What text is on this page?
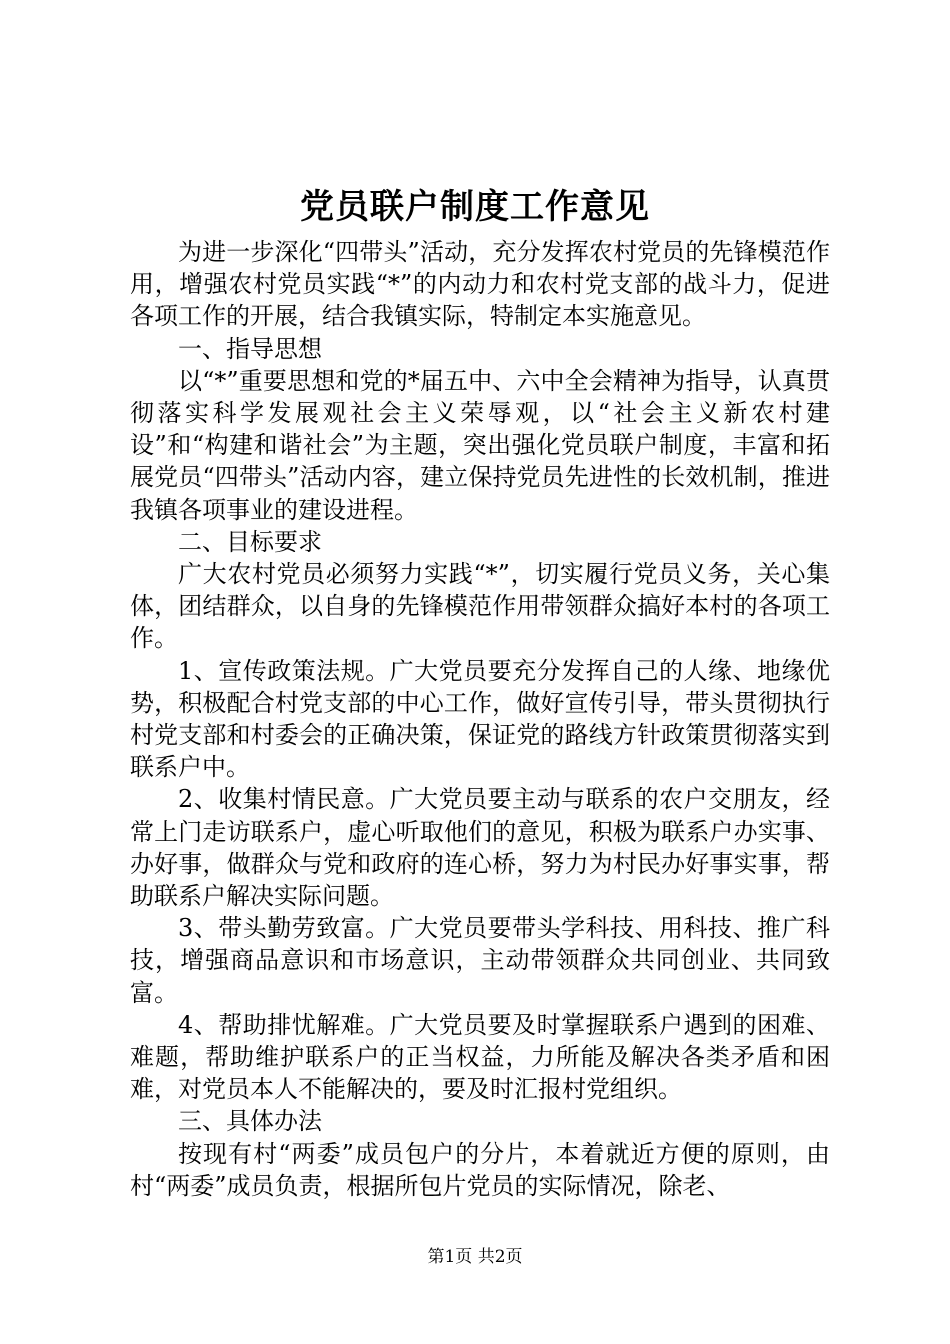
党员联户制度工作意见

为进一步深化“四带头”活动，充分发挥农村党员的先锋模范作用，增强农村党员实践“*”的内动力和农村党支部的战斗力，促进各项工作的开展，结合我镇实际，特制定本实施意见。

一、指导思想

以“*”重要思想和党的*届五中、六中全会精神为指导，认真贯彻落实科学发展观社会主义荣辱观，以“社会主义新农村建设”和“构建和谐社会”为主题，突出强化党员联户制度，丰富和拓展党员“四带头”活动内容，建立保持党员先进性的长效机制，推进我镇各项事业的建设进程。

二、目标要求

广大农村党员必须努力实践“*”，切实履行党员义务，关心集体，团结群众，以自身的先锋模范作用带领群众搞好本村的各项工作。

1、宣传政策法规。广大党员要充分发挥自己的人缘、地缘优势，积极配合村党支部的中心工作，做好宣传引导，带头贯彻执行村党支部和村委会的正确决策，保证党的路线方针政策贯彻落实到联系户中。

2、收集村情民意。广大党员要主动与联系的农户交朋友，经常上门走访联系户，虚心听取他们的意见，积极为联系户办实事、办好事，做群众与党和政府的连心桥，努力为村民办好事实事，帮助联系户解决实际问题。

3、带头勤劳致富。广大党员要带头学科技、用科技、推广科技，增强商品意识和市场意识，主动带领群众共同创业、共同致富。

4、帮助排忧解难。广大党员要及时掌握联系户遇到的困难、难题，帮助维护联系户的正当权益，力所能及解决各类矛盾和困难，对党员本人不能解决的，要及时汇报村党组织。

三、具体办法

按现有村“两委”成员包户的分片，本着就近方便的原则，由村“两委”成员负责，根据所包片党员的实际情况，除老、

第1页 共2页
